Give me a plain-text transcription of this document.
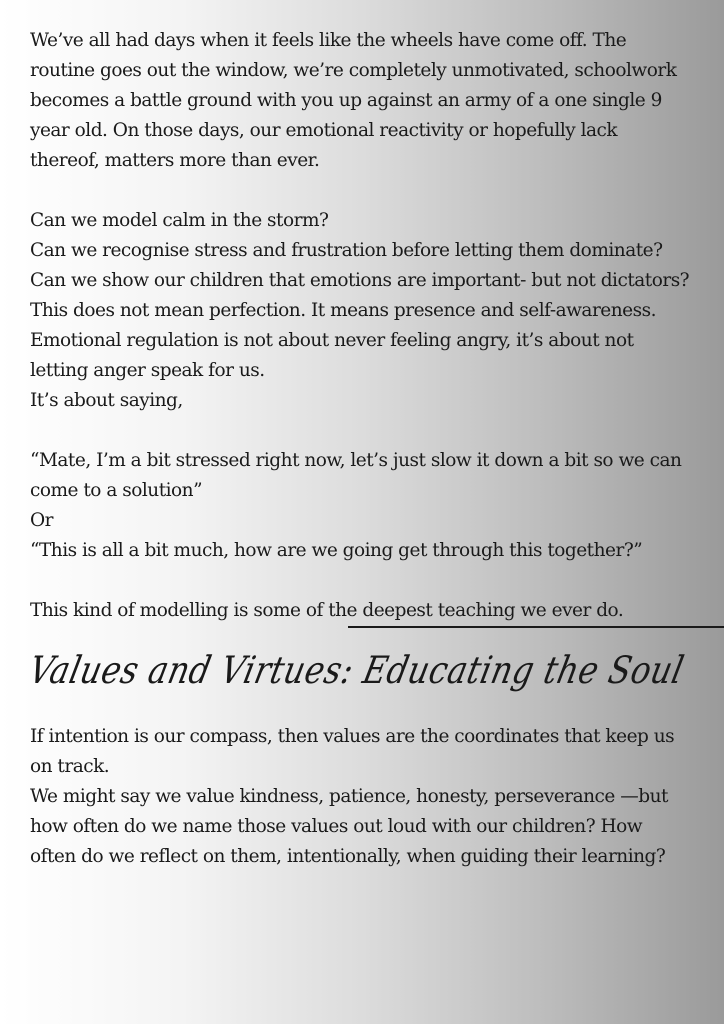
We’ve all had days when it feels like the wheels have come off. The routine goes out the window, we’re completely unmotivated, schoolwork becomes a battle ground with you up against an army of a one single 9 year old. On those days, our emotional reactivity or hopefully lack thereof, matters more than ever.

Can we model calm in the storm?

Can we recognise stress and frustration before letting them dominate?

Can we show our children that emotions are important- but not dictators?

This does not mean perfection. It means presence and self-awareness.

Emotional regulation is not about never feeling angry, it’s about not letting anger speak for us.

It’s about saying,

“Mate, I’m a bit stressed right now, let’s just slow it down a bit so we can come to a solution”

Or

“This is all a bit much, how are we going get through this together?”

This kind of modelling is some of the deepest teaching we ever do.

Values and Virtues: Educating the Soul

If intention is our compass, then values are the coordinates that keep us on track.

We might say we value kindness, patience, honesty, perseverance —but how often do we name those values out loud with our children? How often do we reflect on them, intentionally, when guiding their learning?
